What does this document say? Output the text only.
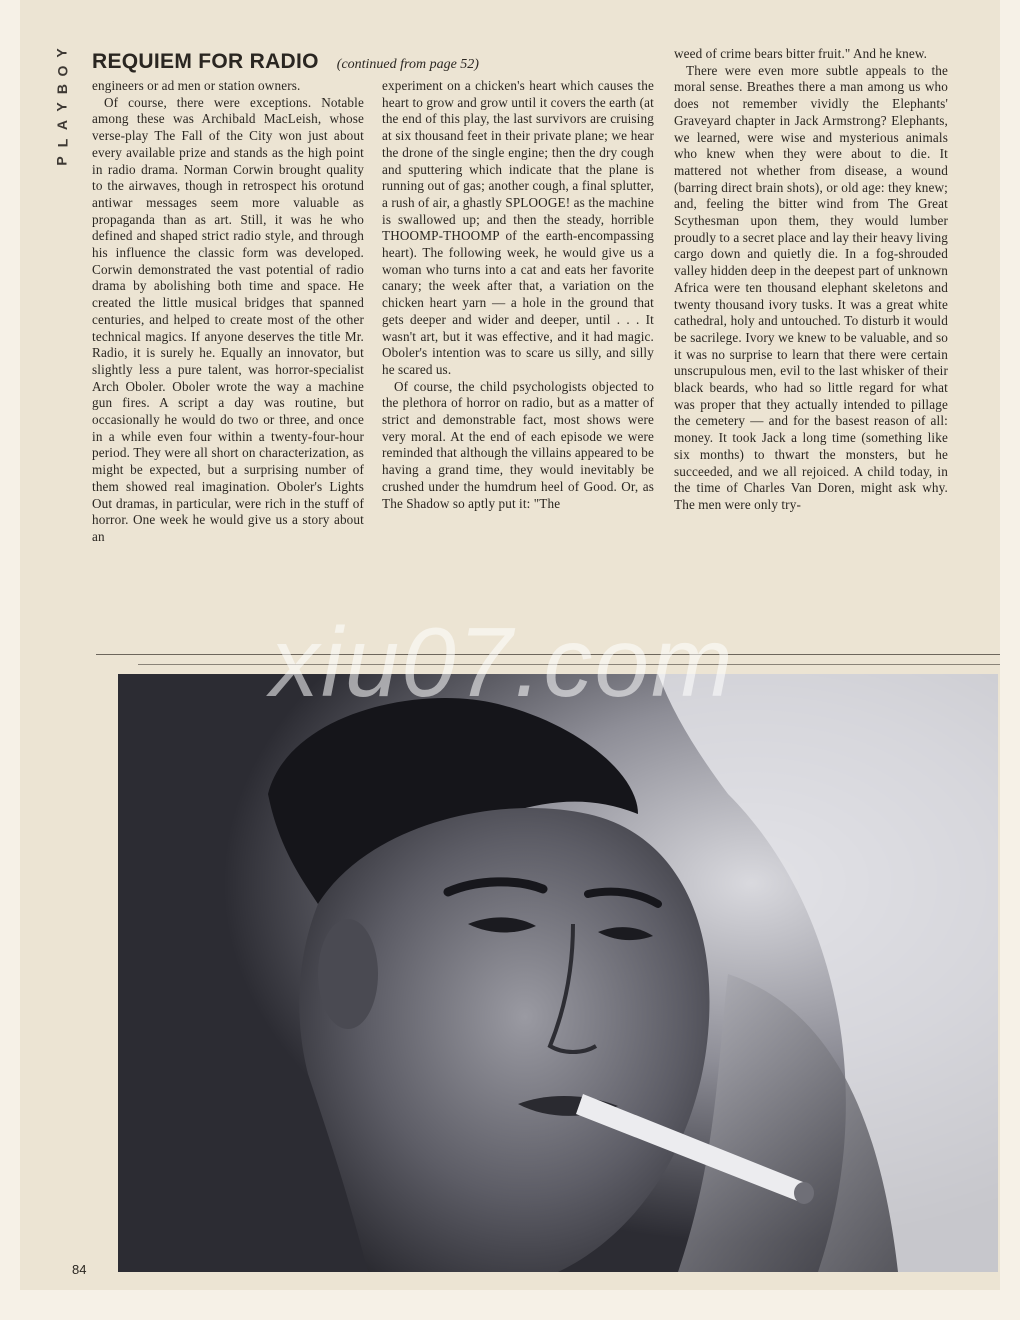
Y
O
B
Y
A
L
P
REQUIEM FOR RADIO (continued from page 52)

engineers or ad men or station owners.

Of course, there were exceptions. Notable among these was Archibald MacLeish, whose verse-play The Fall of the City won just about every available prize and stands as the high point in radio drama. Norman Corwin brought quality to the airwaves, though in retrospect his orotund antiwar messages seem more valuable as propaganda than as art. Still, it was he who defined and shaped strict radio style, and through his influence the classic form was developed. Corwin demonstrated the vast potential of radio drama by abolishing both time and space. He created the little musical bridges that spanned centuries, and helped to create most of the other technical magics. If anyone deserves the title Mr. Radio, it is surely he. Equally an innovator, but slightly less a pure talent, was horror-specialist Arch Oboler. Oboler wrote the way a machine gun fires. A script a day was routine, but occasionally he would do two or three, and once in a while even four within a twenty-four-hour period. They were all short on characterization, as might be expected, but a surprising number of them showed real imagination. Oboler's Lights Out dramas, in particular, were rich in the stuff of horror. One week he would give us a story about an

experiment on a chicken's heart which causes the heart to grow and grow until it covers the earth (at the end of this play, the last survivors are cruising at six thousand feet in their private plane; we hear the drone of the single engine; then the dry cough and sputtering which indicate that the plane is running out of gas; another cough, a final splutter, a rush of air, a ghastly SPLOOGE! as the machine is swallowed up; and then the steady, horrible THOOMP-THOOMP of the earth-encompassing heart). The following week, he would give us a woman who turns into a cat and eats her favorite canary; the week after that, a variation on the chicken heart yarn — a hole in the ground that gets deeper and wider and deeper, until . . . It wasn't art, but it was effective, and it had magic. Oboler's intention was to scare us silly, and silly he scared us.

Of course, the child psychologists objected to the plethora of horror on radio, but as a matter of strict and demonstrable fact, most shows were very moral. At the end of each episode we were reminded that although the villains appeared to be having a grand time, they would inevitably be crushed under the humdrum heel of Good. Or, as The Shadow so aptly put it: "The

weed of crime bears bitter fruit." And he knew.

There were even more subtle appeals to the moral sense. Breathes there a man among us who does not remember vividly the Elephants' Graveyard chapter in Jack Armstrong? Elephants, we learned, were wise and mysterious animals who knew when they were about to die. It mattered not whether from disease, a wound (barring direct brain shots), or old age: they knew; and, feeling the bitter wind from The Great Scythesman upon them, they would lumber proudly to a secret place and lay their heavy living cargo down and quietly die. In a fog-shrouded valley hidden deep in the deepest part of unknown Africa were ten thousand elephant skeletons and twenty thousand ivory tusks. It was a great white cathedral, holy and untouched. To disturb it would be sacrilege. Ivory we knew to be valuable, and so it was no surprise to learn that there were certain unscrupulous men, evil to the last whisker of their black beards, who had so little regard for what was proper that they actually intended to pillage the cemetery — and for the basest reason of all: money. It took Jack a long time (something like six months) to thwart the monsters, but he succeeded, and we all rejoiced. A child today, in the time of Charles Van Doren, might ask why. The men were only try-

xiu07.com
84
